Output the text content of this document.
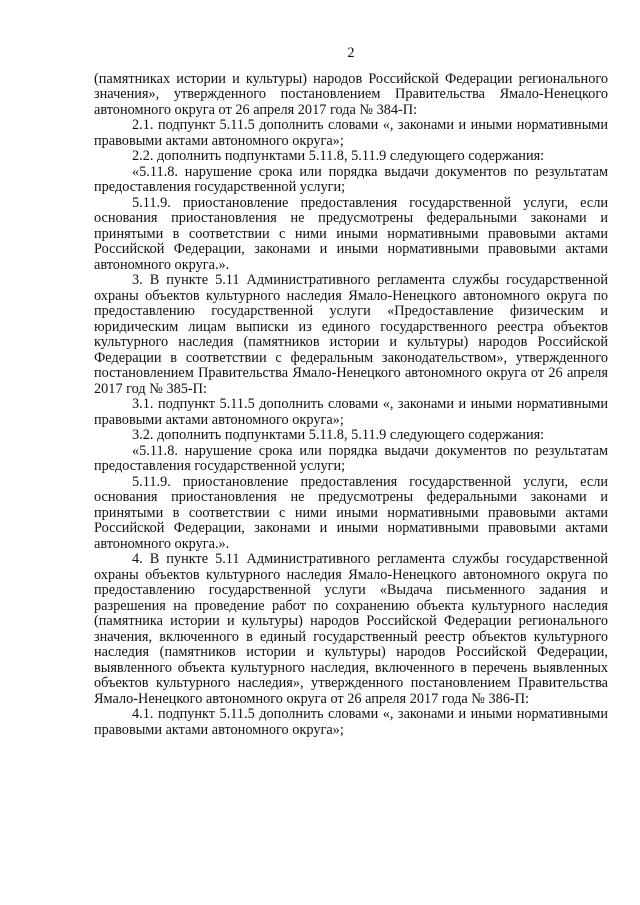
2

(памятниках истории и культуры) народов Российской Федерации регионального значения», утвержденного постановлением Правительства Ямало-Ненецкого автономного округа от 26 апреля 2017 года № 384-П:

2.1. подпункт 5.11.5 дополнить словами «, законами и иными нормативными правовыми актами автономного округа»;

2.2. дополнить подпунктами 5.11.8, 5.11.9 следующего содержания:

«5.11.8. нарушение срока или порядка выдачи документов по результатам предоставления государственной услуги;

5.11.9. приостановление предоставления государственной услуги, если основания приостановления не предусмотрены федеральными законами и принятыми в соответствии с ними иными нормативными правовыми актами Российской Федерации, законами и иными нормативными правовыми актами автономного округа.».

3. В пункте 5.11 Административного регламента службы государственной охраны объектов культурного наследия Ямало-Ненецкого автономного округа по предоставлению государственной услуги «Предоставление физическим и юридическим лицам выписки из единого государственного реестра объектов культурного наследия (памятников истории и культуры) народов Российской Федерации в соответствии с федеральным законодательством», утвержденного постановлением Правительства Ямало-Ненецкого автономного округа от 26 апреля 2017 год № 385-П:

3.1. подпункт 5.11.5 дополнить словами «, законами и иными нормативными правовыми актами автономного округа»;

3.2. дополнить подпунктами 5.11.8, 5.11.9 следующего содержания:

«5.11.8. нарушение срока или порядка выдачи документов по результатам предоставления государственной услуги;

5.11.9. приостановление предоставления государственной услуги, если основания приостановления не предусмотрены федеральными законами и принятыми в соответствии с ними иными нормативными правовыми актами Российской Федерации, законами и иными нормативными правовыми актами автономного округа.».

4. В пункте 5.11 Административного регламента службы государственной охраны объектов культурного наследия Ямало-Ненецкого автономного округа по предоставлению государственной услуги «Выдача письменного задания и разрешения на проведение работ по сохранению объекта культурного наследия (памятника истории и культуры) народов Российской Федерации регионального значения, включенного в единый государственный реестр объектов культурного наследия (памятников истории и культуры) народов Российской Федерации, выявленного объекта культурного наследия, включенного в перечень выявленных объектов культурного наследия», утвержденного постановлением Правительства Ямало-Ненецкого автономного округа от 26 апреля 2017 года № 386-П:

4.1. подпункт 5.11.5 дополнить словами «, законами и иными нормативными правовыми актами автономного округа»;
